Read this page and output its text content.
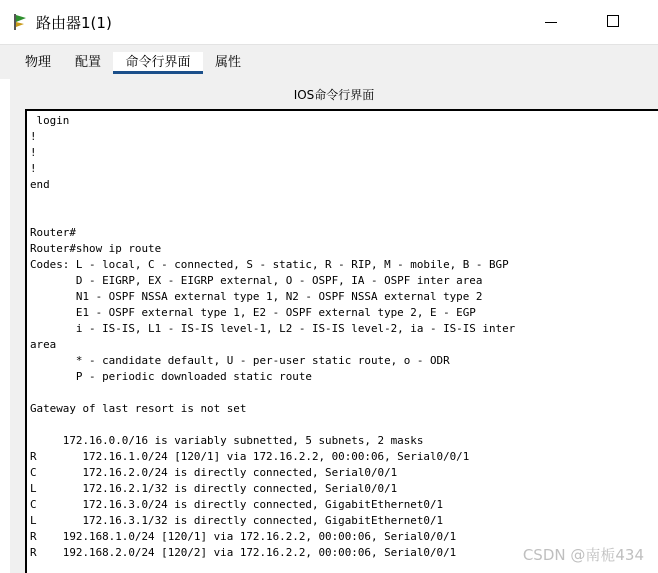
路由器1(1)
物理	配置	命令行界面	属性
IOS命令行界面
login
!
!
!
end

Router#
Router#show ip route
Codes: L - local, C - connected, S - static, R - RIP, M - mobile, B - BGP
D - EIGRP, EX - EIGRP external, O - OSPF, IA - OSPF inter area
N1 - OSPF NSSA external type 1, N2 - OSPF NSSA external type 2
E1 - OSPF external type 1, E2 - OSPF external type 2, E - EGP
i - IS-IS, L1 - IS-IS level-1, L2 - IS-IS level-2, ia - IS-IS inter
area
* - candidate default, U - per-user static route, o - ODR
P - periodic downloaded static route

Gateway of last resort is not set

172.16.0.0/16 is variably subnetted, 5 subnets, 2 masks
R       172.16.1.0/24 [120/1] via 172.16.2.2, 00:00:06, Serial0/0/1
C       172.16.2.0/24 is directly connected, Serial0/0/1
L       172.16.2.1/32 is directly connected, Serial0/0/1
C       172.16.3.0/24 is directly connected, GigabitEthernet0/1
L       172.16.3.1/32 is directly connected, GigabitEthernet0/1
R    192.168.1.0/24 [120/1] via 172.16.2.2, 00:00:06, Serial0/0/1
R    192.168.2.0/24 [120/2] via 172.16.2.2, 00:00:06, Serial0/0/1	CSDN @南栀434
